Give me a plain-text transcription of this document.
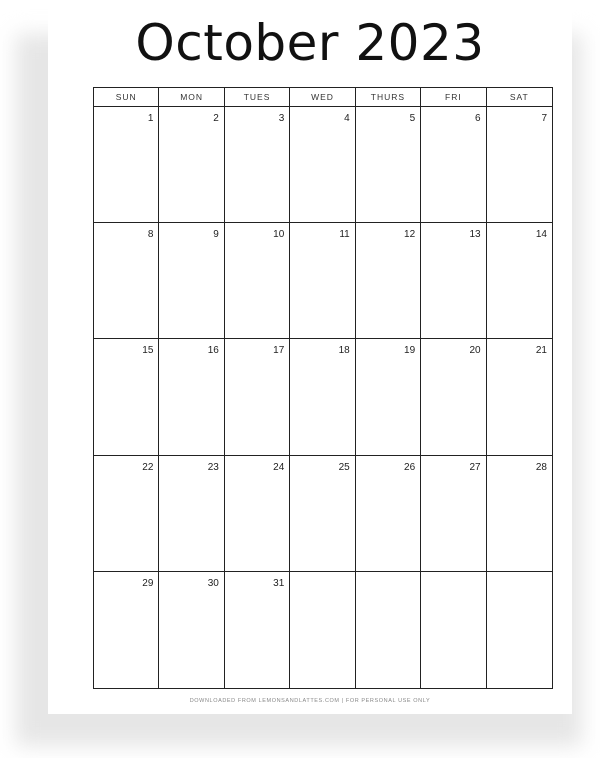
October 2023
SUN	MON	TUES	WED	THURS	FRI	SAT
1	2	3	4	5	6	7
8	9	10	11	12	13	14
15	16	17	18	19	20	21
22	23	24	25	26	27	28
29	30	31
DOWNLOADED FROM LEMONSANDLATTES.COM | FOR PERSONAL USE ONLY
